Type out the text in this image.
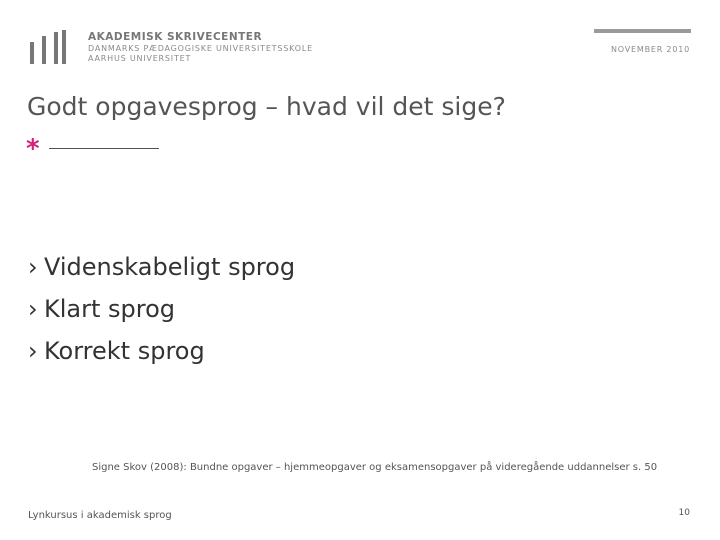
AKADEMISK SKRIVECENTER
DANMARKS PÆDAGOGISKE UNIVERSITETSSKOLE
AARHUS UNIVERSITET
NOVEMBER 2010
Godt opgavesprog – hvad vil det sige?
*
› Videnskabeligt sprog
› Klart sprog
› Korrekt sprog
Signe Skov (2008): Bundne opgaver – hjemmeopgaver og eksamensopgaver på videregående uddannelser s. 50
Lynkursus i akademisk sprog	10
